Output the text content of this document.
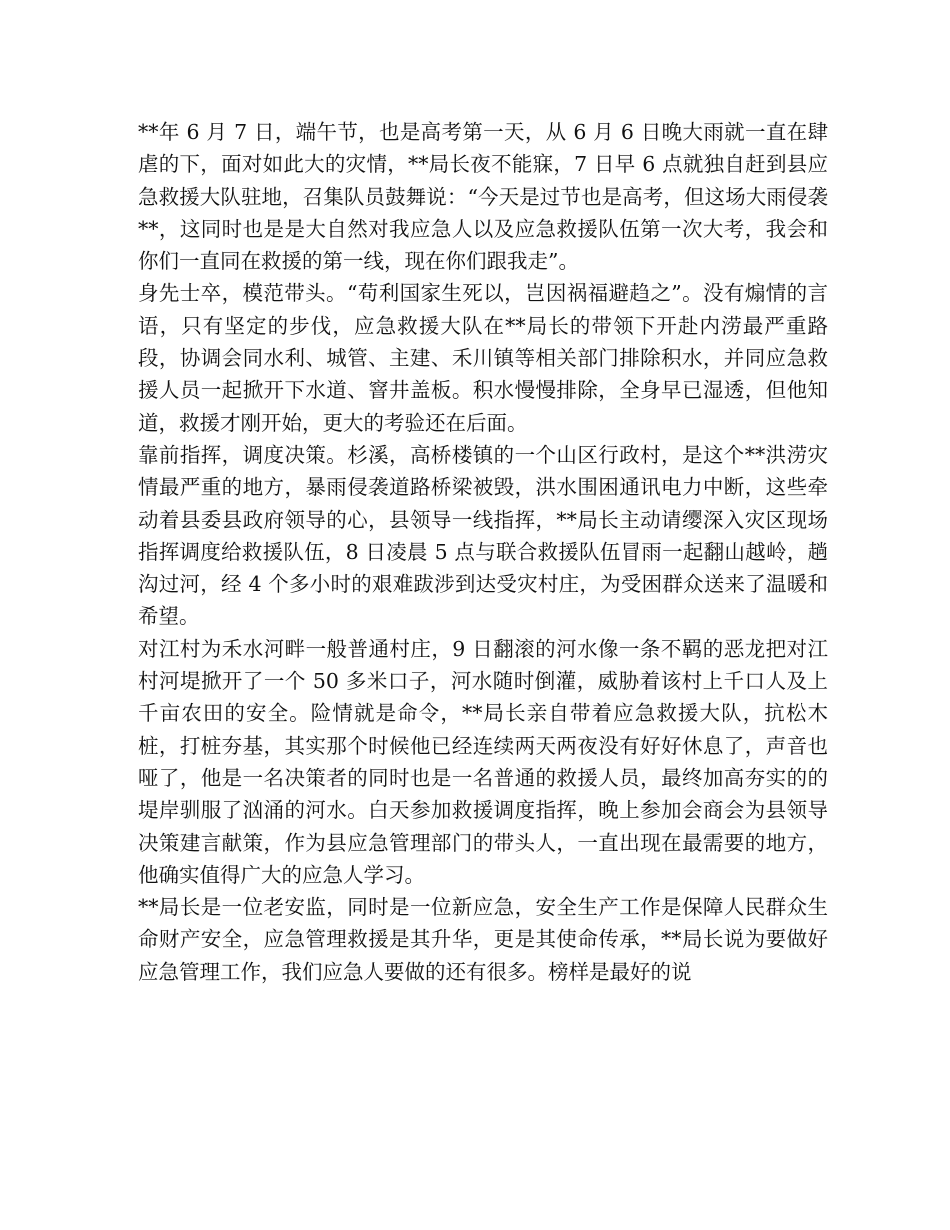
**年 6 月 7 日，端午节，也是高考第一天，从 6 月 6 日晚大雨就一直在肆虐的下，面对如此大的灾情，**局长夜不能寐，7 日早 6 点就独自赶到县应急救援大队驻地，召集队员鼓舞说：“今天是过节也是高考，但这场大雨侵袭**，这同时也是是大自然对我应急人以及应急救援队伍第一次大考，我会和你们一直同在救援的第一线，现在你们跟我走”。

身先士卒，模范带头。“苟利国家生死以，岂因祸福避趋之”。没有煽情的言语，只有坚定的步伐，应急救援大队在**局长的带领下开赴内涝最严重路段，协调会同水利、城管、主建、禾川镇等相关部门排除积水，并同应急救援人员一起掀开下水道、窨井盖板。积水慢慢排除，全身早已湿透，但他知道，救援才刚开始，更大的考验还在后面。

靠前指挥，调度决策。杉溪，高桥楼镇的一个山区行政村，是这个**洪涝灾情最严重的地方，暴雨侵袭道路桥梁被毁，洪水围困通讯电力中断，这些牵动着县委县政府领导的心，县领导一线指挥，**局长主动请缨深入灾区现场指挥调度给救援队伍，8 日凌晨 5 点与联合救援队伍冒雨一起翻山越岭，趟沟过河，经 4 个多小时的艰难跋涉到达受灾村庄，为受困群众送来了温暖和希望。

对江村为禾水河畔一般普通村庄，9 日翻滚的河水像一条不羁的恶龙把对江村河堤掀开了一个 50 多米口子，河水随时倒灌，威胁着该村上千口人及上千亩农田的安全。险情就是命令，**局长亲自带着应急救援大队，抗松木桩，打桩夯基，其实那个时候他已经连续两天两夜没有好好休息了，声音也哑了，他是一名决策者的同时也是一名普通的救援人员，最终加高夯实的的堤岸驯服了汹涌的河水。白天参加救援调度指挥，晚上参加会商会为县领导决策建言献策，作为县应急管理部门的带头人，一直出现在最需要的地方，他确实值得广大的应急人学习。

**局长是一位老安监，同时是一位新应急，安全生产工作是保障人民群众生命财产安全，应急管理救援是其升华，更是其使命传承，**局长说为要做好应急管理工作，我们应急人要做的还有很多。榜样是最好的说
